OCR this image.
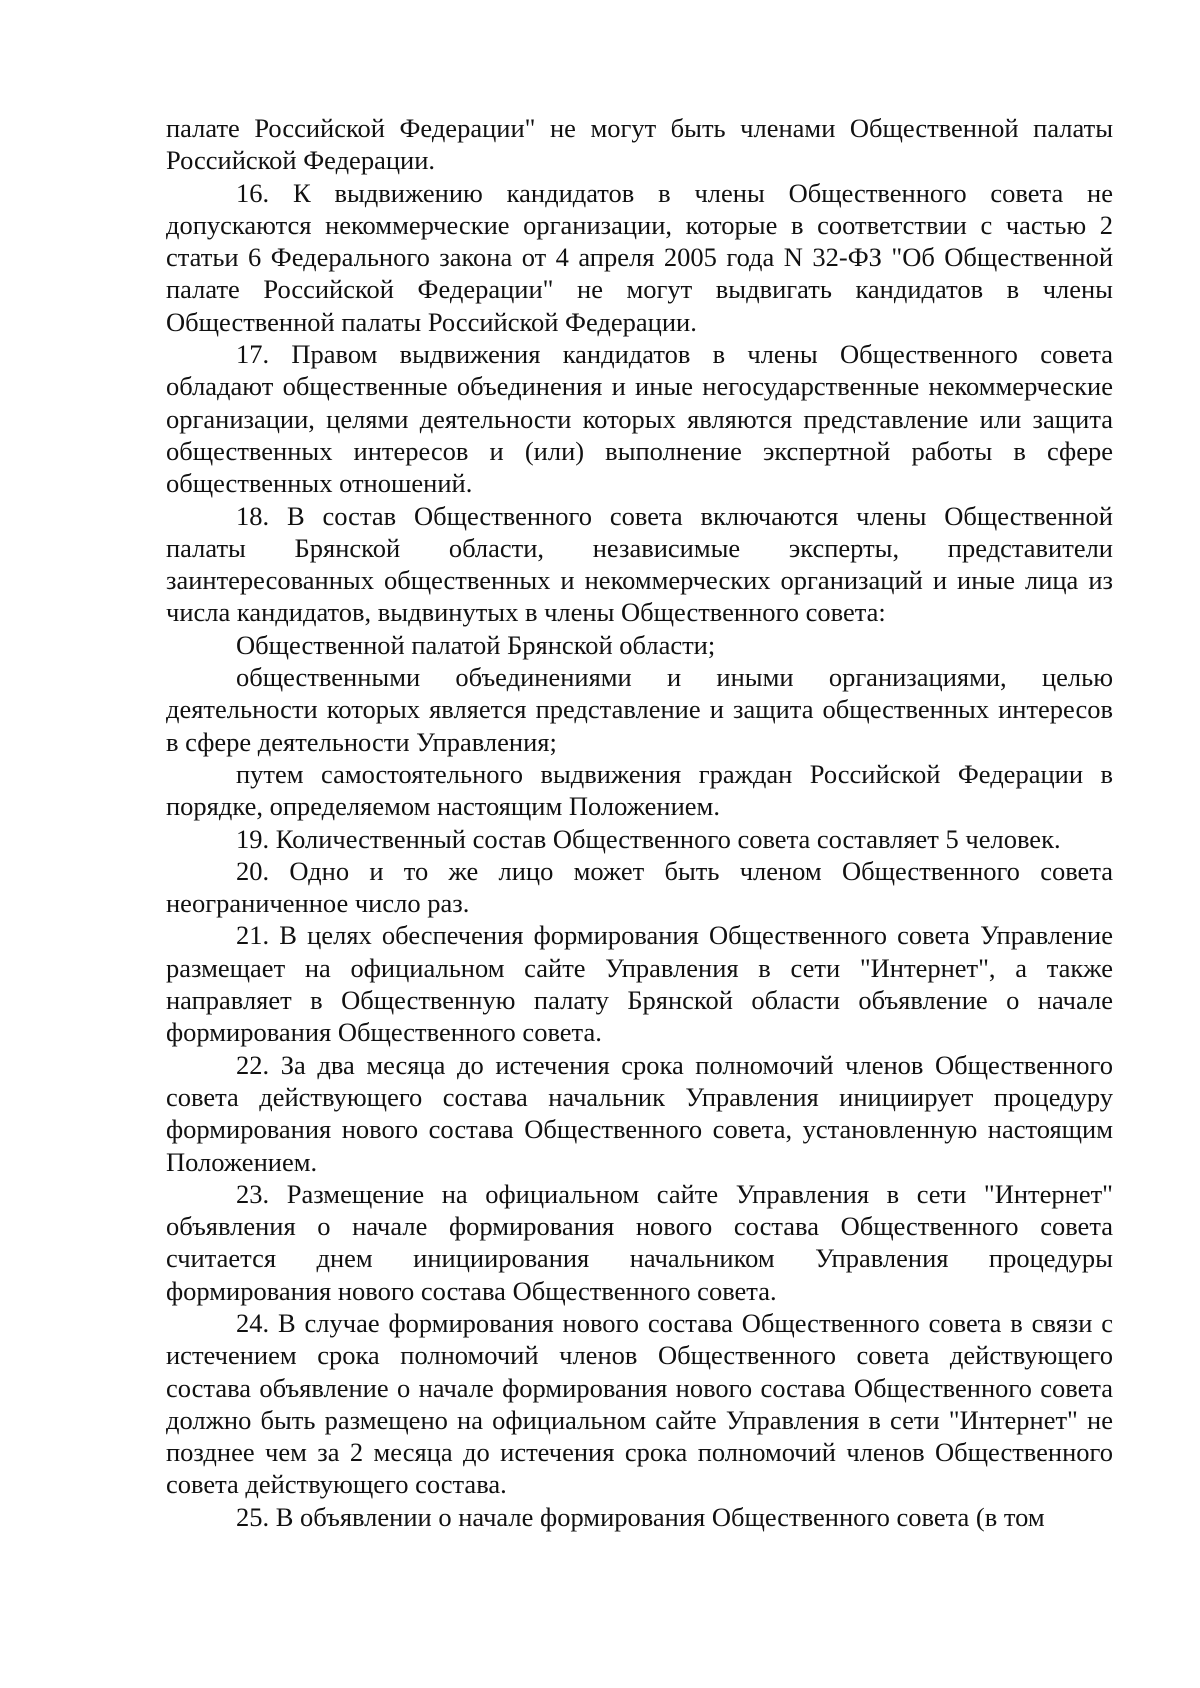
палате Российской Федерации" не могут быть членами Общественной палаты Российской Федерации.

16. К выдвижению кандидатов в члены Общественного совета не допускаются некоммерческие организации, которые в соответствии с частью 2 статьи 6 Федерального закона от 4 апреля 2005 года N 32-ФЗ "Об Общественной палате Российской Федерации" не могут выдвигать кандидатов в члены Общественной палаты Российской Федерации.

17. Правом выдвижения кандидатов в члены Общественного совета обладают общественные объединения и иные негосударственные некоммерческие организации, целями деятельности которых являются представление или защита общественных интересов и (или) выполнение экспертной работы в сфере общественных отношений.

18. В состав Общественного совета включаются члены Общественной палаты Брянской области, независимые эксперты, представители заинтересованных общественных и некоммерческих организаций и иные лица из числа кандидатов, выдвинутых в члены Общественного совета:

Общественной палатой Брянской области;

общественными объединениями и иными организациями, целью деятельности которых является представление и защита общественных интересов в сфере деятельности Управления;

путем самостоятельного выдвижения граждан Российской Федерации в порядке, определяемом настоящим Положением.

19. Количественный состав Общественного совета составляет 5 человек.

20. Одно и то же лицо может быть членом Общественного совета неограниченное число раз.

21. В целях обеспечения формирования Общественного совета Управление размещает на официальном сайте Управления в сети "Интернет", а также направляет в Общественную палату Брянской области объявление о начале формирования Общественного совета.

22. За два месяца до истечения срока полномочий членов Общественного совета действующего состава начальник Управления инициирует процедуру формирования нового состава Общественного совета, установленную настоящим Положением.

23. Размещение на официальном сайте Управления в сети "Интернет" объявления о начале формирования нового состава Общественного совета считается днем инициирования начальником Управления процедуры формирования нового состава Общественного совета.

24. В случае формирования нового состава Общественного совета в связи с истечением срока полномочий членов Общественного совета действующего состава объявление о начале формирования нового состава Общественного совета должно быть размещено на официальном сайте Управления в сети "Интернет" не позднее чем за 2 месяца до истечения срока полномочий членов Общественного совета действующего состава.

25. В объявлении о начале формирования Общественного совета (в том
